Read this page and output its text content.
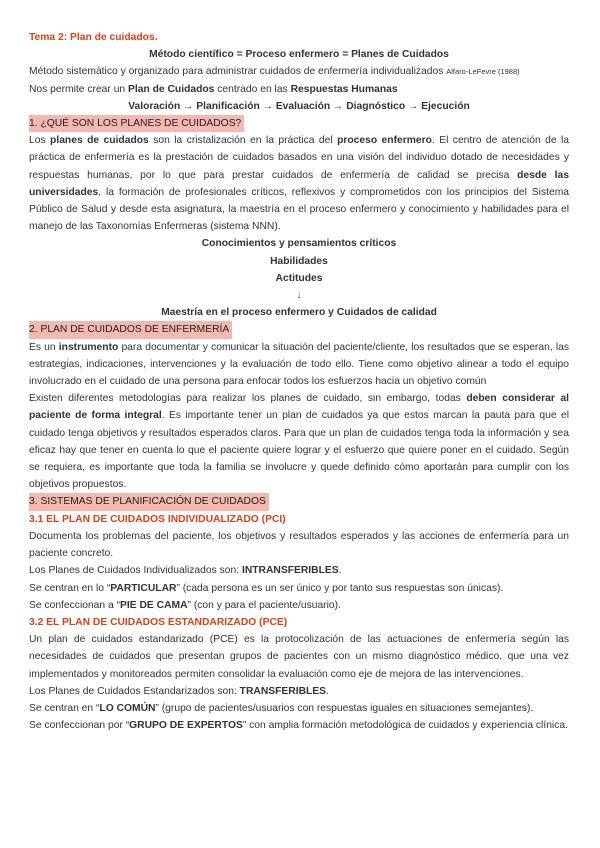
Tema 2: Plan de cuidados.
Método científico = Proceso enfermero = Planes de Cuidados
Método sistemático y organizado para administrar cuidados de enfermería individualizados Alfaro-LeFevre (1988)
Nos permite crear un Plan de Cuidados centrado en las Respuestas Humanas
Valoración → Planificación → Evaluación → Diagnóstico → Ejecución
1. ¿QUÉ SON LOS PLANES DE CUIDADOS?

Los planes de cuidados son la cristalización en la práctica del proceso enfermero. El centro de atención de la práctica de enfermería es la prestación de cuidados basados en una visión del individuo dotado de necesidades y respuestas humanas, por lo que para prestar cuidados de enfermería de calidad se precisa desde las universidades, la formación de profesionales críticos, reflexivos y comprometidos con los principios del Sistema Público de Salud y desde esta asignatura, la maestría en el proceso enfermero y conocimiento y habilidades para el manejo de las Taxonomías Enfermeras (sistema NNN).

Conocimientos y pensamientos críticos
Habilidades
Actitudes
↓
Maestría en el proceso enfermero y Cuidados de calidad
2. PLAN DE CUIDADOS DE ENFERMERÍA

Es un instrumento para documentar y comunicar la situación del paciente/cliente, los resultados que se esperan, las estrategias, indicaciones, intervenciones y la evaluación de todo ello. Tiene como objetivo alinear a todo el equipo involucrado en el cuidado de una persona para enfocar todos los esfuerzos hacia un objetivo común

Existen diferentes metodologías para realizar los planes de cuidado, sin embargo, todas deben considerar al paciente de forma integral. Es importante tener un plan de cuidados ya que estos marcan la pauta para que el cuidado tenga objetivos y resultados esperados claros. Para que un plan de cuidados tenga toda la información y sea eficaz hay que tener en cuenta lo que el paciente quiere lograr y el esfuerzo que quiere poner en el cuidado. Según se requiera, es importante que toda la familia se involucre y quede definido cómo aportarán para cumplir con los objetivos propuestos.

3. SISTEMAS DE PLANIFICACIÓN DE CUIDADOS
3.1 EL PLAN DE CUIDADOS INDIVIDUALIZADO (PCI)

Documenta los problemas del paciente, los objetivos y resultados esperados y las acciones de enfermería para un paciente concreto.

Los Planes de Cuidados Individualizados son: INTRANSFERIBLES.
Se centran en lo “PARTICULAR” (cada persona es un ser único y por tanto sus respuestas son únicas).
Se confeccionan a “PIE DE CAMA” (con y para el paciente/usuario).
3.2 EL PLAN DE CUIDADOS ESTANDARIZADO (PCE)

Un plan de cuidados estandarizado (PCE) es la protocolización de las actuaciones de enfermería según las necesidades de cuidados que presentan grupos de pacientes con un mismo diagnóstico médico, que una vez implementados y monitoreados permiten consolidar la evaluación como eje de mejora de las intervenciones.

Los Planes de Cuidados Estandarizados son: TRANSFERIBLES.

Se centran en “LO COMÚN” (grupo de pacientes/usuarios con respuestas iguales en situaciones semejantes).

Se confeccionan por “GRUPO DE EXPERTOS” con amplia formación metodológica de cuidados y experiencia clínica.
